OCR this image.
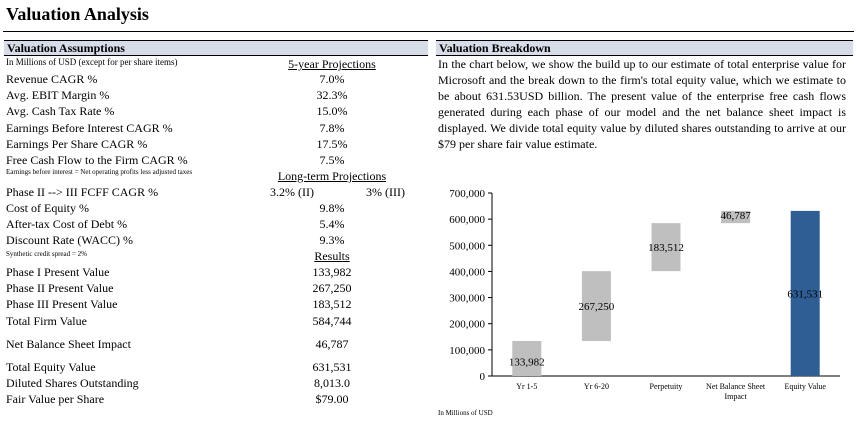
Valuation Analysis
Valuation Assumptions
In Millions of USD (except for per share items)	5-year Projections
Revenue CAGR %	7.0%
Avg. EBIT Margin %	32.3%
Avg. Cash Tax Rate %	15.0%
Earnings Before Interest CAGR %	7.8%
Earnings Per Share CAGR %	17.5%
Free Cash Flow to the Firm CAGR %	7.5%
Earnings before interest = Net operating profits less adjusted taxes	Long-term Projections
Phase II --> III FCFF CAGR %	3.2% (II)	3% (III)
Cost of Equity %	9.8%
After-tax Cost of Debt %	5.4%
Discount Rate (WACC) %	9.3%
Synthetic credit spread = 2%	Results
Phase I Present Value	133,982
Phase II Present Value	267,250
Phase III Present Value	183,512
Total Firm Value	584,744
Net Balance Sheet Impact	46,787
Total Equity Value	631,531
Diluted Shares Outstanding	8,013.0
Fair Value per Share	$79.00
Valuation Breakdown
In the chart below, we show the build up to our estimate of total enterprise value for Microsoft and the break down to the firm's total equity value, which we estimate to be about 631.53USD billion. The present value of the enterprise free cash flows generated during each phase of our model and the net balance sheet impact is displayed. We divide total equity value by diluted shares outstanding to arrive at our $79 per share fair value estimate.
0
100,000
200,000
300,000
400,000
500,000
600,000
700,000
133,982
Yr 1-5
267,250
Yr 6-20
183,512
Perpetuity
46,787
Net Balance Sheet Impact
631,531
Equity Value
In Millions of USD
